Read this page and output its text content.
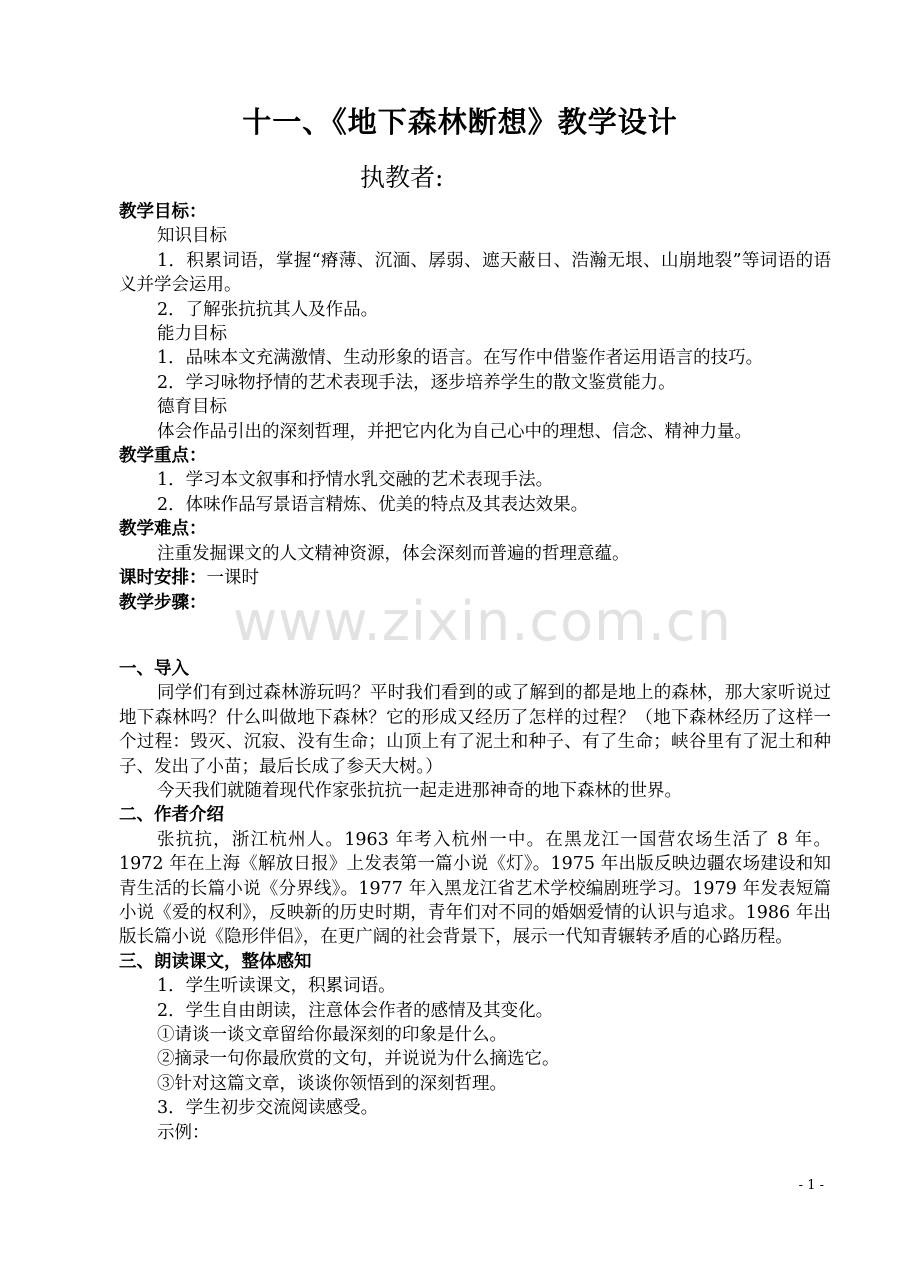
十一、《地下森林断想》教学设计
执教者:

教学目标：

知识目标

1．积累词语，掌握“瘠薄、沉湎、孱弱、遮天蔽日、浩瀚无垠、山崩地裂”等词语的语义并学会运用。

2．了解张抗抗其人及作品。

能力目标

1．品味本文充满激情、生动形象的语言。在写作中借鉴作者运用语言的技巧。

2．学习咏物抒情的艺术表现手法，逐步培养学生的散文鉴赏能力。

德育目标

体会作品引出的深刻哲理，并把它内化为自己心中的理想、信念、精神力量。

教学重点：

1．学习本文叙事和抒情水乳交融的艺术表现手法。

2．体味作品写景语言精炼、优美的特点及其表达效果。

教学难点：

注重发掘课文的人文精神资源，体会深刻而普遍的哲理意蕴。

课时安排：一课时

教学步骤：

一、导入

同学们有到过森林游玩吗？平时我们看到的或了解到的都是地上的森林，那大家听说过地下森林吗？什么叫做地下森林？它的形成又经历了怎样的过程？（地下森林经历了这样一个过程：毁灭、沉寂、没有生命；山顶上有了泥土和种子、有了生命；峡谷里有了泥土和种子、发出了小苗；最后长成了参天大树。）

今天我们就随着现代作家张抗抗一起走进那神奇的地下森林的世界。

二、作者介绍

张抗抗，浙江杭州人。1963 年考入杭州一中。在黑龙江一国营农场生活了 8 年。1972 年在上海《解放日报》上发表第一篇小说《灯》。1975 年出版反映边疆农场建设和知青生活的长篇小说《分界线》。1977 年入黑龙江省艺术学校编剧班学习。1979 年发表短篇小说《爱的权利》，反映新的历史时期，青年们对不同的婚姻爱情的认识与追求。1986 年出版长篇小说《隐形伴侣》，在更广阔的社会背景下，展示一代知青辗转矛盾的心路历程。

三、朗读课文，整体感知

1．学生听读课文，积累词语。

2．学生自由朗读，注意体会作者的感情及其变化。

①请谈一谈文章留给你最深刻的印象是什么。

②摘录一句你最欣赏的文句，并说说为什么摘选它。

③针对这篇文章，谈谈你领悟到的深刻哲理。

3．学生初步交流阅读感受。

示例：

www.zixin.com.cn
- 1 -
